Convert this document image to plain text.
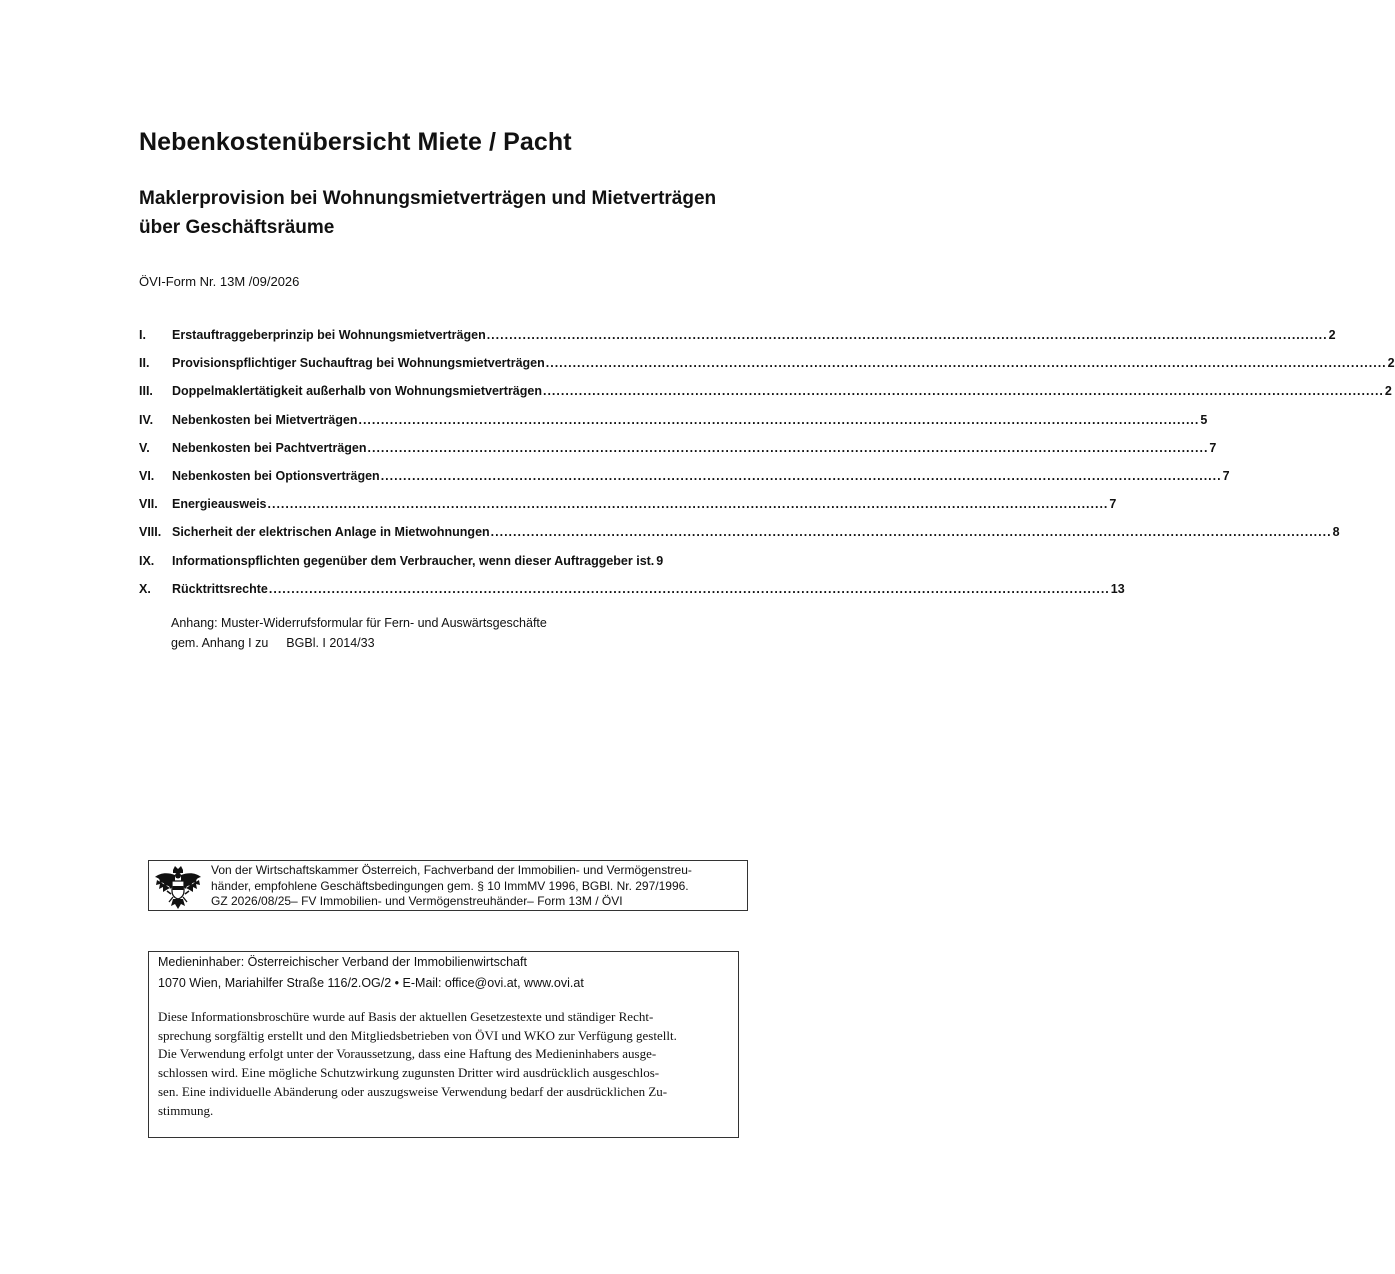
Nebenkostenübersicht Miete / Pacht
Maklerprovision bei Wohnungsmietverträgen und Mietverträgen
über Geschäftsräume
ÖVI-Form Nr. 13M /09/2026
I.	Erstauftraggeberprinzip bei Wohnungsmietverträgen .....	2
II.	Provisionspflichtiger Suchauftrag bei Wohnungsmietverträgen .....	2
III.	Doppelmaklertätigkeit außerhalb von Wohnungsmietverträgen .....	2
IV.	Nebenkosten bei Mietverträgen .....	5
V.	Nebenkosten bei Pachtverträgen .....	7
VI.	Nebenkosten bei Optionsverträgen .....	7
VII.	Energieausweis .....	7
VIII. Sicherheit der elektrischen Anlage in Mietwohnungen .....	8
IX.	Informationspflichten gegenüber dem Verbraucher, wenn dieser Auftraggeber ist. 9
X.	Rücktrittsrechte .....	13
Anhang: Muster-Widerrufsformular für Fern- und Auswärtsgeschäfte
gem. Anhang I zu BGBl. I 2014/33
Von der Wirtschaftskammer Österreich, Fachverband der Immobilien- und Vermögenstreu-
händer, empfohlene Geschäftsbedingungen gem. § 10 ImmMV 1996, BGBl. Nr. 297/1996.
GZ 2026/08/25– FV Immobilien- und Vermögenstreuhänder– Form 13M / ÖVI
Medieninhaber: Österreichischer Verband der Immobilienwirtschaft
1070 Wien, Mariahilfer Straße 116/2.OG/2 • E-Mail: office@ovi.at, www.ovi.at

Diese Informationsbroschüre wurde auf Basis der aktuellen Gesetzestexte und ständiger Recht-
sprechung sorgfältig erstellt und den Mitgliedsbetrieben von ÖVI und WKO zur Verfügung gestellt.
Die Verwendung erfolgt unter der Voraussetzung, dass eine Haftung des Medieninhabers ausge-
schlossen wird. Eine mögliche Schutzwirkung zugunsten Dritter wird ausdrücklich ausgeschlos-
sen. Eine individuelle Abänderung oder auszugsweise Verwendung bedarf der ausdrücklichen Zu-
stimmung.
